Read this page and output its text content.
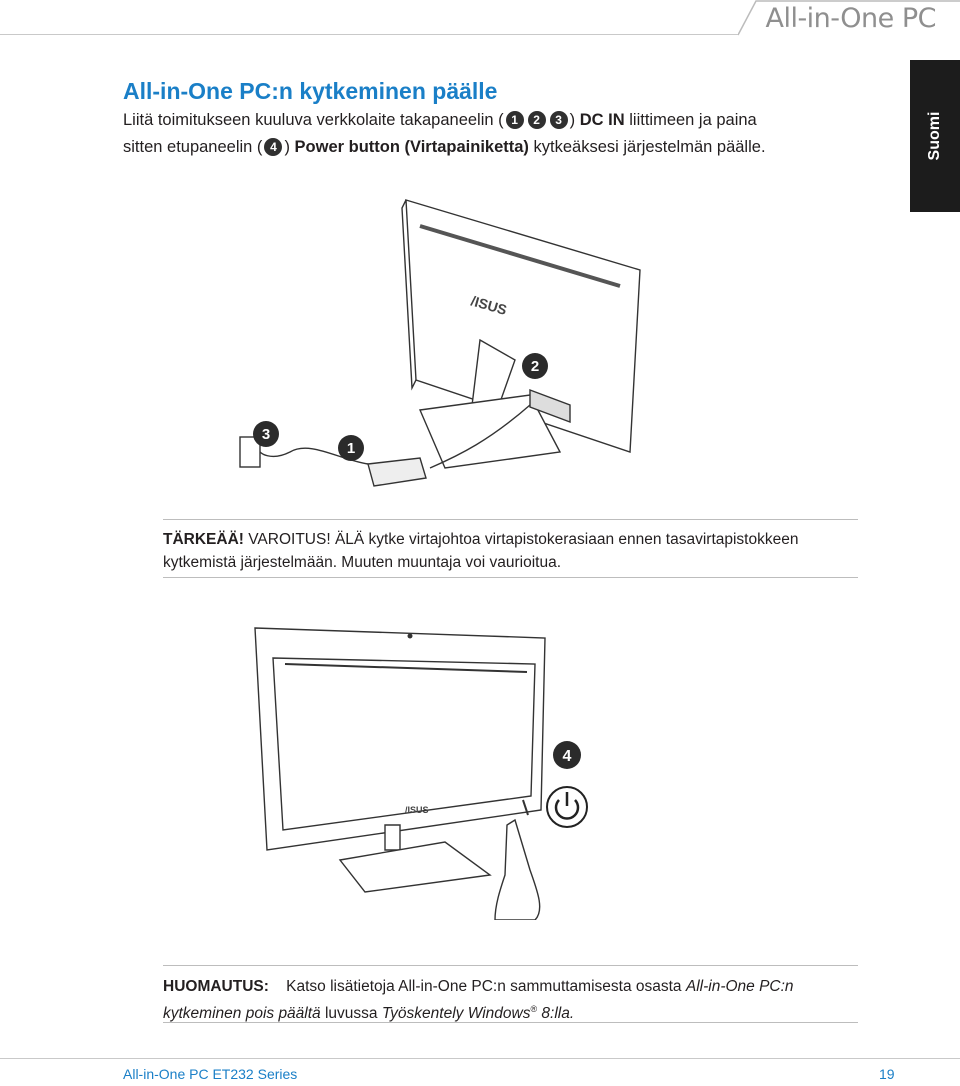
All-in-One PC
Suomi
All-in-One PC:n kytkeminen päälle
Liitä toimitukseen kuuluva verkkolaite takapaneelin ( 1 2 3 ) DC IN liittimeen ja paina
sitten etupaneelin ( 4 ) Power button (Virtapainiketta) kytkeäksesi järjestelmän päälle.
2
3
1
/ISUS
TÄRKEÄÄ! VAROITUS! ÄLÄ kytke virtajohtoa virtapistokerasiaan ennen tasavirtapistokkeen
kytkemistä järjestelmään. Muuten muuntaja voi vaurioitua.
4
/ISUS
HUOMAUTUS: Katso lisätietoja All-in-One PC:n sammuttamisesta osasta All-in-One PC:n
kytkeminen pois päältä luvussa Työskentely Windows® 8:lla.
All-in-One PC ET232 Series	19
